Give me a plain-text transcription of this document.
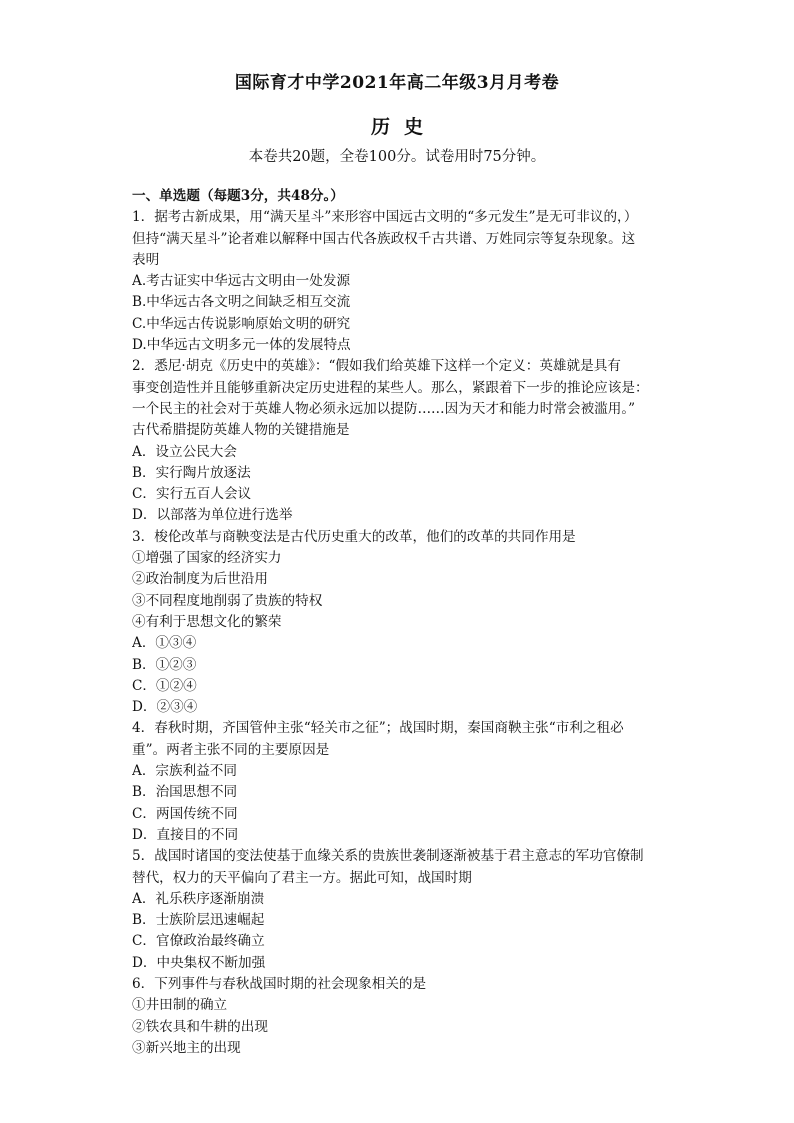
国际育才中学2021年高二年级3月月考卷
历史
本卷共20题，全卷100分。试卷用时75分钟。
一、单选题（每题3分，共48分。）
1．据考古新成果，用“满天星斗”来形容中国远古文明的“多元发生”是无可非议的，）
但持“满天星斗”论者难以解释中国古代各族政权千古共谱、万姓同宗等复杂现象。这
表明
A.考古证实中华远古文明由一处发源
B.中华远古各文明之间缺乏相互交流
C.中华远古传说影响原始文明的研究
D.中华远古文明多元一体的发展特点
2．悉尼·胡克《历史中的英雄》：“假如我们给英雄下这样一个定义：英雄就是具有
事变创造性并且能够重新决定历史进程的某些人。那么，紧跟着下一步的推论应该是：
一个民主的社会对于英雄人物必须永远加以提防……因为天才和能力时常会被滥用。”
古代希腊提防英雄人物的关键措施是
A．设立公民大会
B．实行陶片放逐法
C．实行五百人会议
D．以部落为单位进行选举
3．梭伦改革与商鞅变法是古代历史重大的改革，他们的改革的共同作用是
①增强了国家的经济实力
②政治制度为后世沿用
③不同程度地削弱了贵族的特权
④有利于思想文化的繁荣
A．①③④
B．①②③
C．①②④
D．②③④
4．春秋时期，齐国管仲主张“轻关市之征”；战国时期，秦国商鞅主张“市利之租必
重”。两者主张不同的主要原因是
A．宗族利益不同
B．治国思想不同
C．两国传统不同
D．直接目的不同
5．战国时诸国的变法使基于血缘关系的贵族世袭制逐渐被基于君主意志的军功官僚制
替代，权力的天平偏向了君主一方。据此可知，战国时期
A．礼乐秩序逐渐崩溃
B．士族阶层迅速崛起
C．官僚政治最终确立
D．中央集权不断加强
6．下列事件与春秋战国时期的社会现象相关的是
①井田制的确立
②铁农具和牛耕的出现
③新兴地主的出现
